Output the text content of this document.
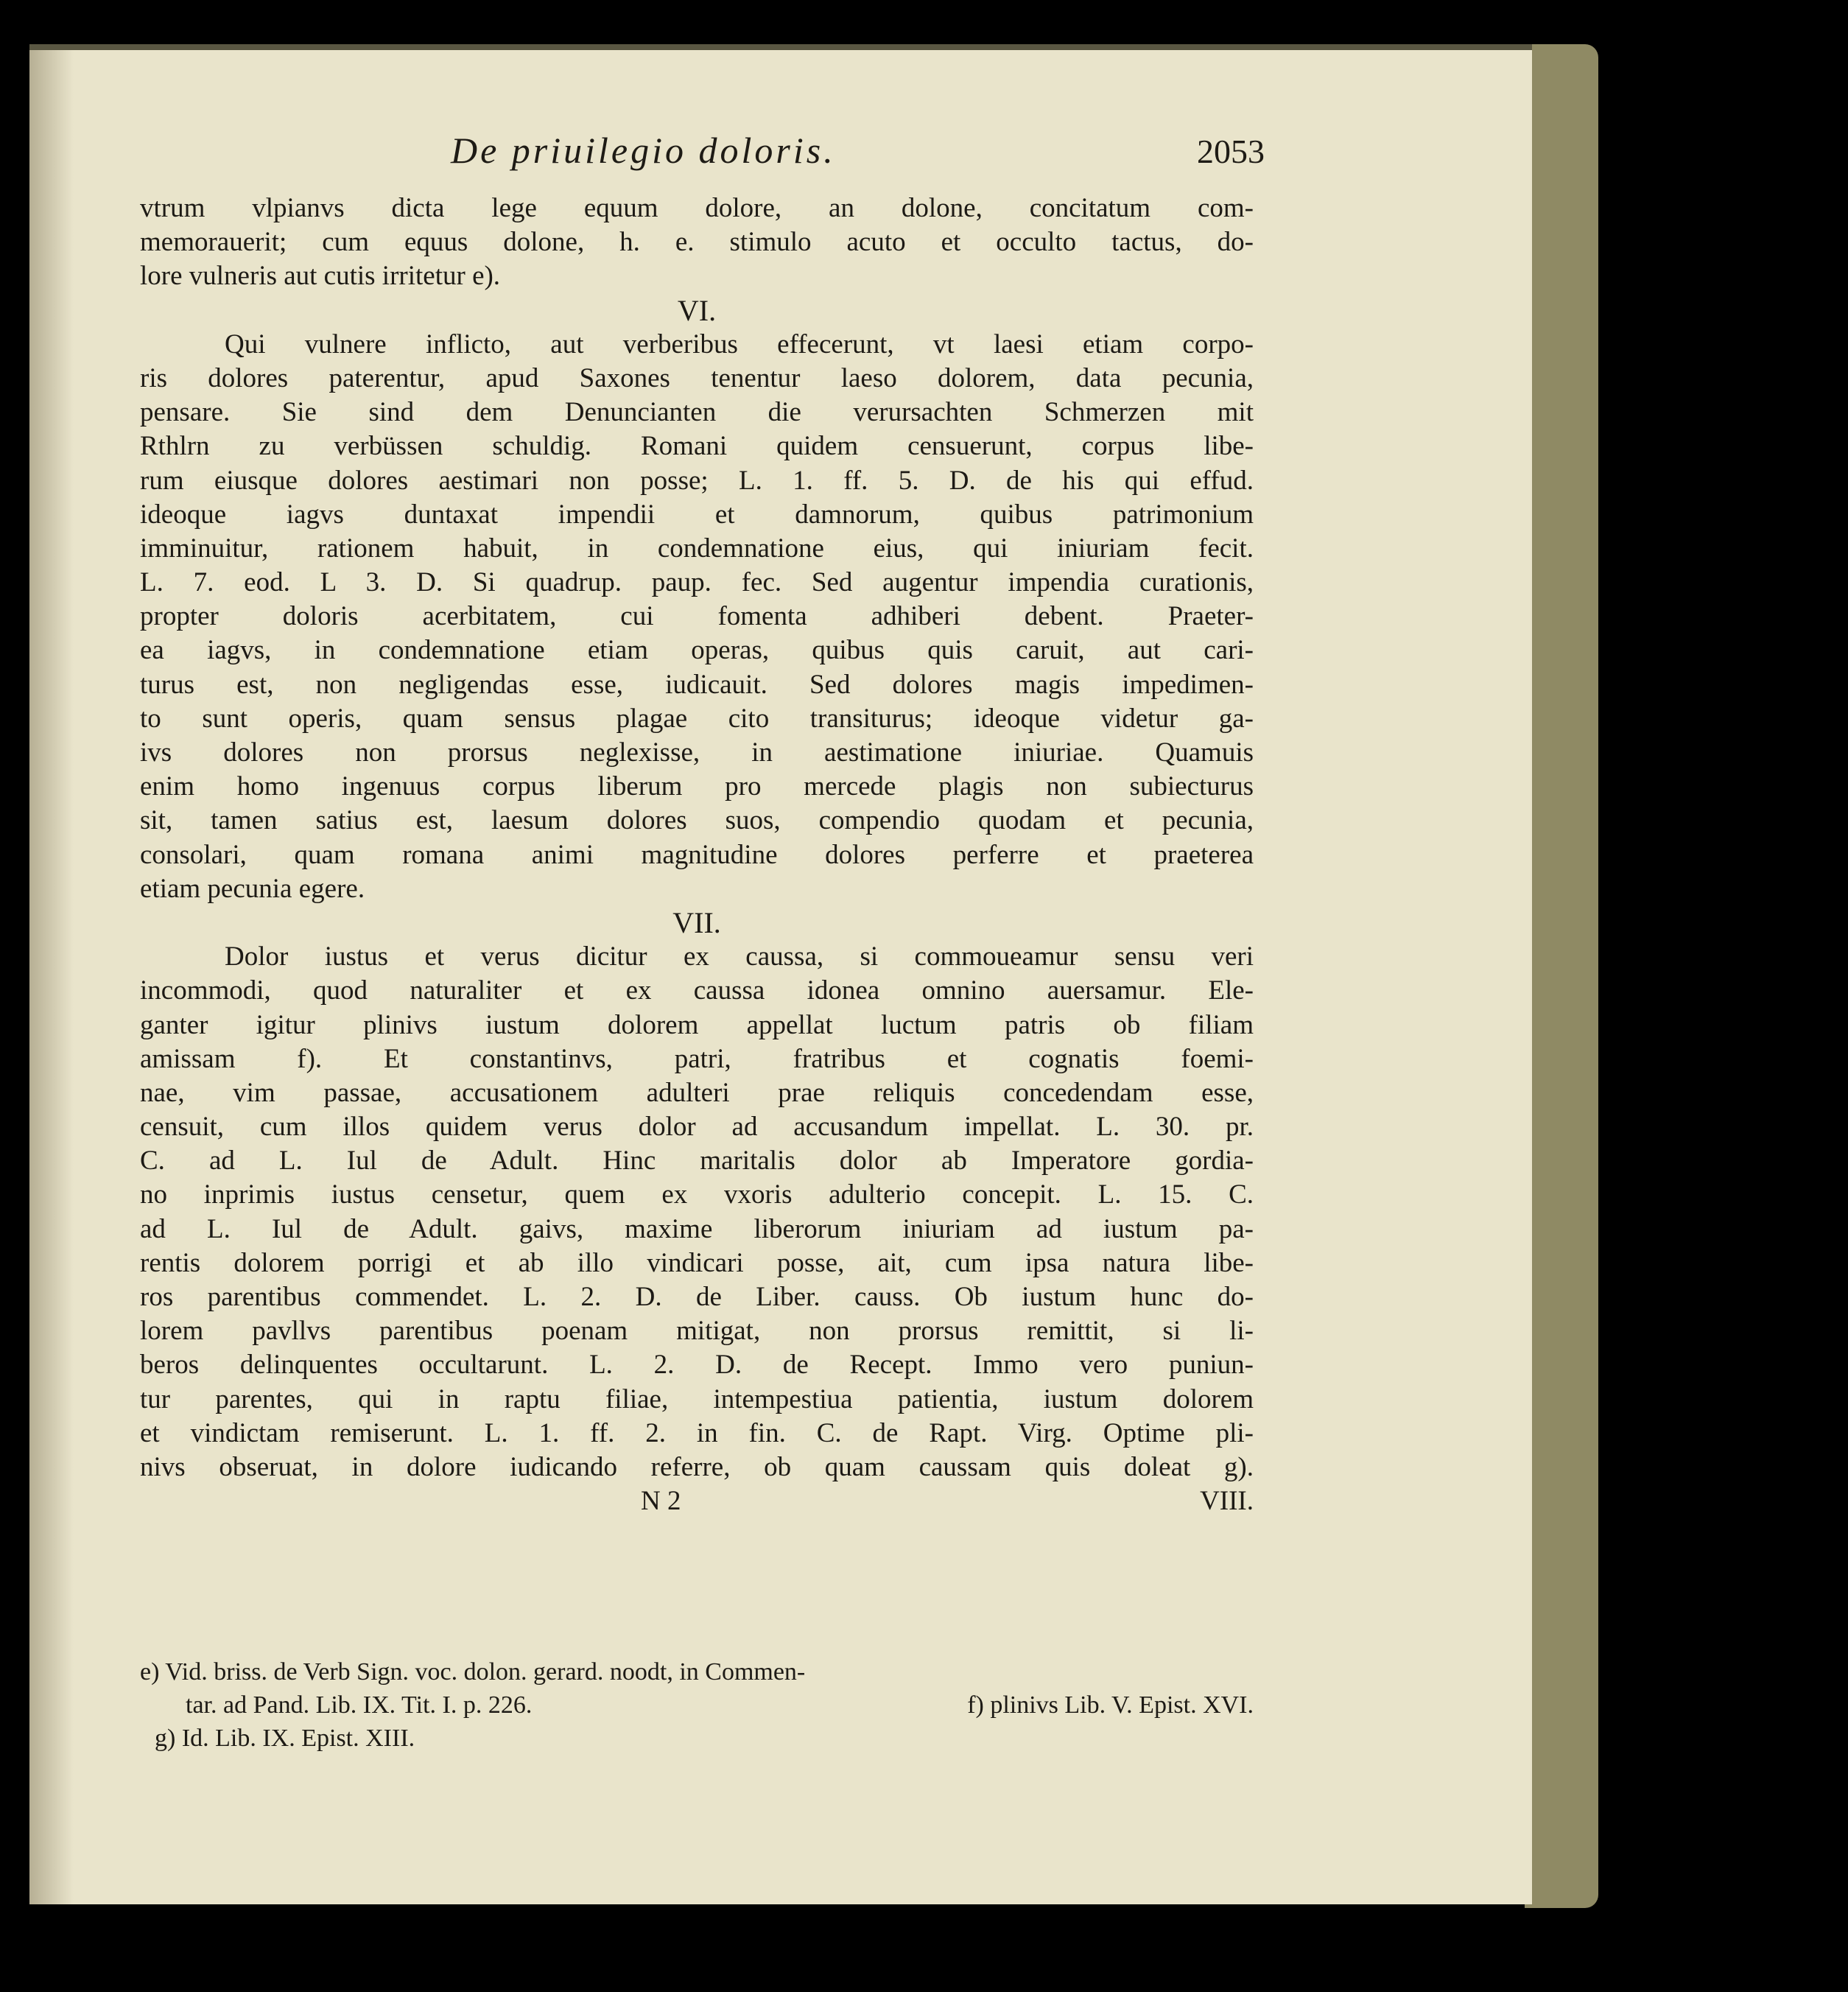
De priuilegio doloris.	2053
vtrum vlpianvs dicta lege equum dolore, an dolone, concitatum com-
memorauerit; cum equus dolone, h. e. stimulo acuto et occulto tactus, do-
lore vulneris aut cutis irritetur e).
VI.
Qui vulnere inflicto, aut verberibus effecerunt, vt laesi etiam corpo-
ris dolores paterentur, apud Saxones tenentur laeso dolorem, data pecunia,
pensare. Sie sind dem Denuncianten die verursachten Schmerzen mit
Rthlrn zu verbüssen schuldig. Romani quidem censuerunt, corpus libe-
rum eiusque dolores aestimari non posse; L. 1. ff. 5. D. de his qui effud.
ideoque iagvs duntaxat impendii et damnorum, quibus patrimonium
imminuitur, rationem habuit, in condemnatione eius, qui iniuriam fecit.
L. 7. eod. L 3. D. Si quadrup. paup. fec. Sed augentur impendia curationis,
propter doloris acerbitatem, cui fomenta adhiberi debent. Praeter-
ea iagvs, in condemnatione etiam operas, quibus quis caruit, aut cari-
turus est, non negligendas esse, iudicauit. Sed dolores magis impedimen-
to sunt operis, quam sensus plagae cito transiturus; ideoque videtur ga-
ivs dolores non prorsus neglexisse, in aestimatione iniuriae. Quamuis
enim homo ingenuus corpus liberum pro mercede plagis non subiecturus
sit, tamen satius est, laesum dolores suos, compendio quodam et pecunia,
consolari, quam romana animi magnitudine dolores perferre et praeterea
etiam pecunia egere.
VII.
Dolor iustus et verus dicitur ex caussa, si commoueamur sensu veri
incommodi, quod naturaliter et ex caussa idonea omnino auersamur. Ele-
ganter igitur plinivs iustum dolorem appellat luctum patris ob filiam
amissam f). Et constantinvs, patri, fratribus et cognatis foemi-
nae, vim passae, accusationem adulteri prae reliquis concedendam esse,
censuit, cum illos quidem verus dolor ad accusandum impellat. L. 30. pr.
C. ad L. Iul de Adult. Hinc maritalis dolor ab Imperatore gordia-
no inprimis iustus censetur, quem ex vxoris adulterio concepit. L. 15. C.
ad L. Iul de Adult. gaivs, maxime liberorum iniuriam ad iustum pa-
rentis dolorem porrigi et ab illo vindicari posse, ait, cum ipsa natura libe-
ros parentibus commendet. L. 2. D. de Liber. causs. Ob iustum hunc do-
lorem pavllvs parentibus poenam mitigat, non prorsus remittit, si li-
beros delinquentes occultarunt. L. 2. D. de Recept. Immo vero puniun-
tur parentes, qui in raptu filiae, intempestiua patientia, iustum dolorem
et vindictam remiserunt. L. 1. ff. 2. in fin. C. de Rapt. Virg. Optime pli-
nivs obseruat, in dolore iudicando referre, ob quam caussam quis doleat g).
N 2	VIII.
e) Vid. briss. de Verb Sign. voc. dolon. gerard. noodt, in Commen-
tar. ad Pand. Lib. IX. Tit. I. p. 226.	f) plinivs Lib. V. Epist. XVI.
g) Id. Lib. IX. Epist. XIII.
